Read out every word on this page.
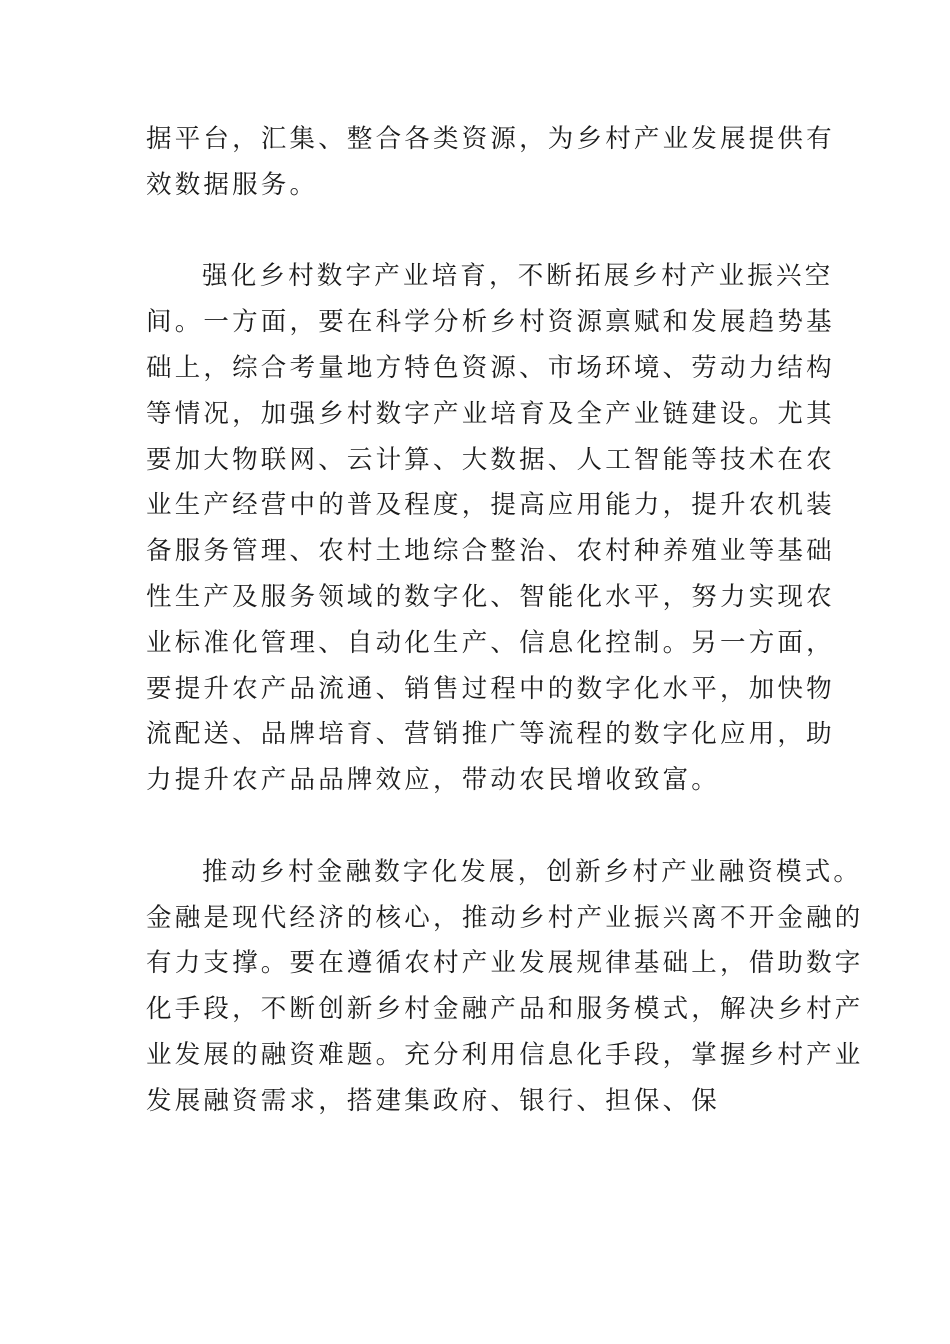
据平台，汇集、整合各类资源，为乡村产业发展提供有
效数据服务。
强化乡村数字产业培育，不断拓展乡村产业振兴空
间。一方面，要在科学分析乡村资源禀赋和发展趋势基
础上，综合考量地方特色资源、市场环境、劳动力结构
等情况，加强乡村数字产业培育及全产业链建设。尤其
要加大物联网、云计算、大数据、人工智能等技术在农
业生产经营中的普及程度，提高应用能力，提升农机装
备服务管理、农村土地综合整治、农村种养殖业等基础
性生产及服务领域的数字化、智能化水平，努力实现农
业标准化管理、自动化生产、信息化控制。另一方面，
要提升农产品流通、销售过程中的数字化水平，加快物
流配送、品牌培育、营销推广等流程的数字化应用，助
力提升农产品品牌效应，带动农民增收致富。
推动乡村金融数字化发展，创新乡村产业融资模式。
金融是现代经济的核心，推动乡村产业振兴离不开金融的
有力支撑。要在遵循农村产业发展规律基础上，借助数字
化手段，不断创新乡村金融产品和服务模式，解决乡村产
业发展的融资难题。充分利用信息化手段，掌握乡村产业
发展融资需求，搭建集政府、银行、担保、保
